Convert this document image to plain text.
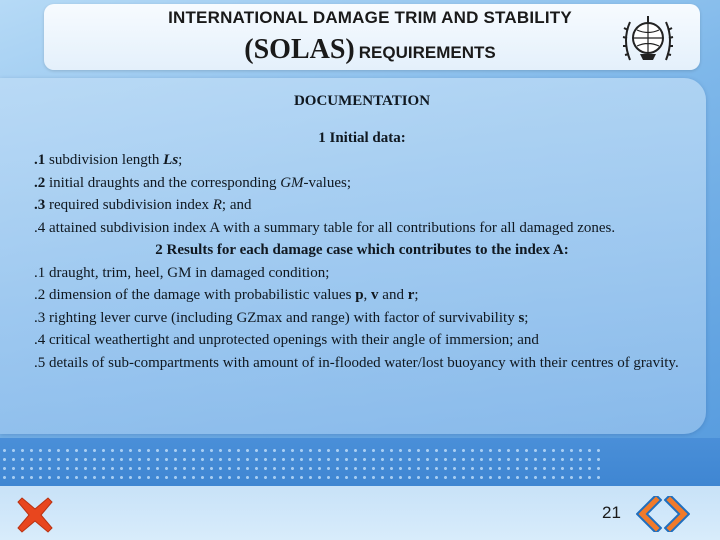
INTERNATIONAL DAMAGE TRIM AND STABILITY
(SOLAS) REQUIREMENTS

DOCUMENTATION

1 Initial data:

.1 subdivision length Ls;

.2 initial draughts and the corresponding GM-values;

.3 required subdivision index R; and

.4 attained subdivision index A with a summary table for all contributions for all damaged zones.

2 Results for each damage case which contributes to the index A:

.1 draught, trim, heel, GM in damaged condition;

.2 dimension of the damage with probabilistic values p, v and r;

.3 righting lever curve (including GZmax and range) with factor of survivability s;

.4 critical weathertight and unprotected openings with their angle of immersion; and

.5 details of sub-compartments with amount of in-flooded water/lost buoyancy with their centres of gravity.

21
